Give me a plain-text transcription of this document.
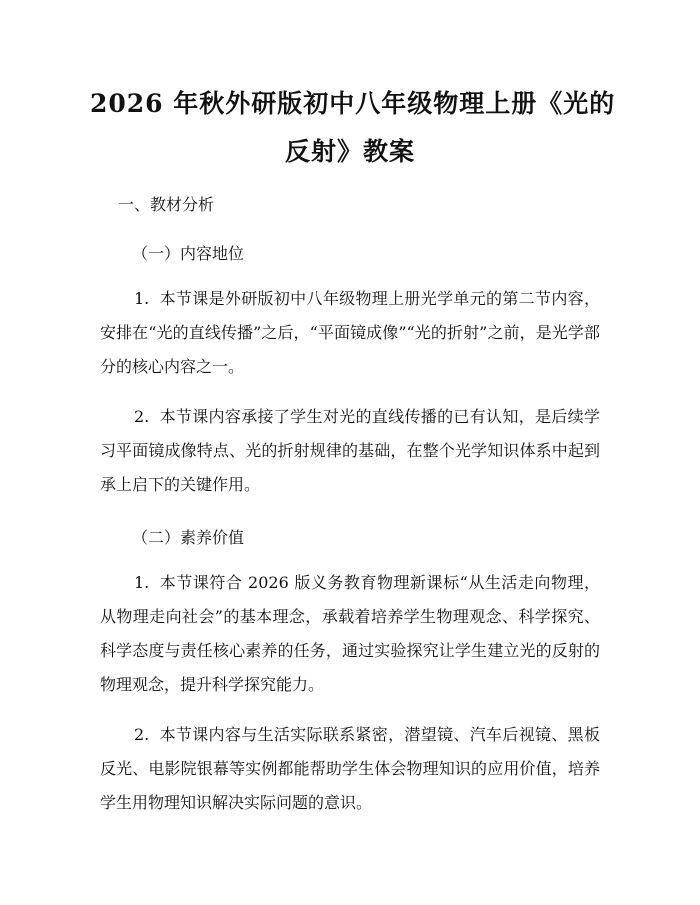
2026 年秋外研版初中八年级物理上册《光的
反射》教案
一、教材分析
（一）内容地位
1. 本节课是外研版初中八年级物理上册光学单元的第二节内容，安排在“光的直线传播”之后，“平面镜成像”“光的折射”之前，是光学部分的核心内容之一。
2. 本节课内容承接了学生对光的直线传播的已有认知，是后续学习平面镜成像特点、光的折射规律的基础，在整个光学知识体系中起到承上启下的关键作用。
（二）素养价值
1. 本节课符合 2026 版义务教育物理新课标“从生活走向物理，从物理走向社会”的基本理念，承载着培养学生物理观念、科学探究、科学态度与责任核心素养的任务，通过实验探究让学生建立光的反射的物理观念，提升科学探究能力。
2. 本节课内容与生活实际联系紧密，潜望镜、汽车后视镜、黑板反光、电影院银幕等实例都能帮助学生体会物理知识的应用价值，培养学生用物理知识解决实际问题的意识。
